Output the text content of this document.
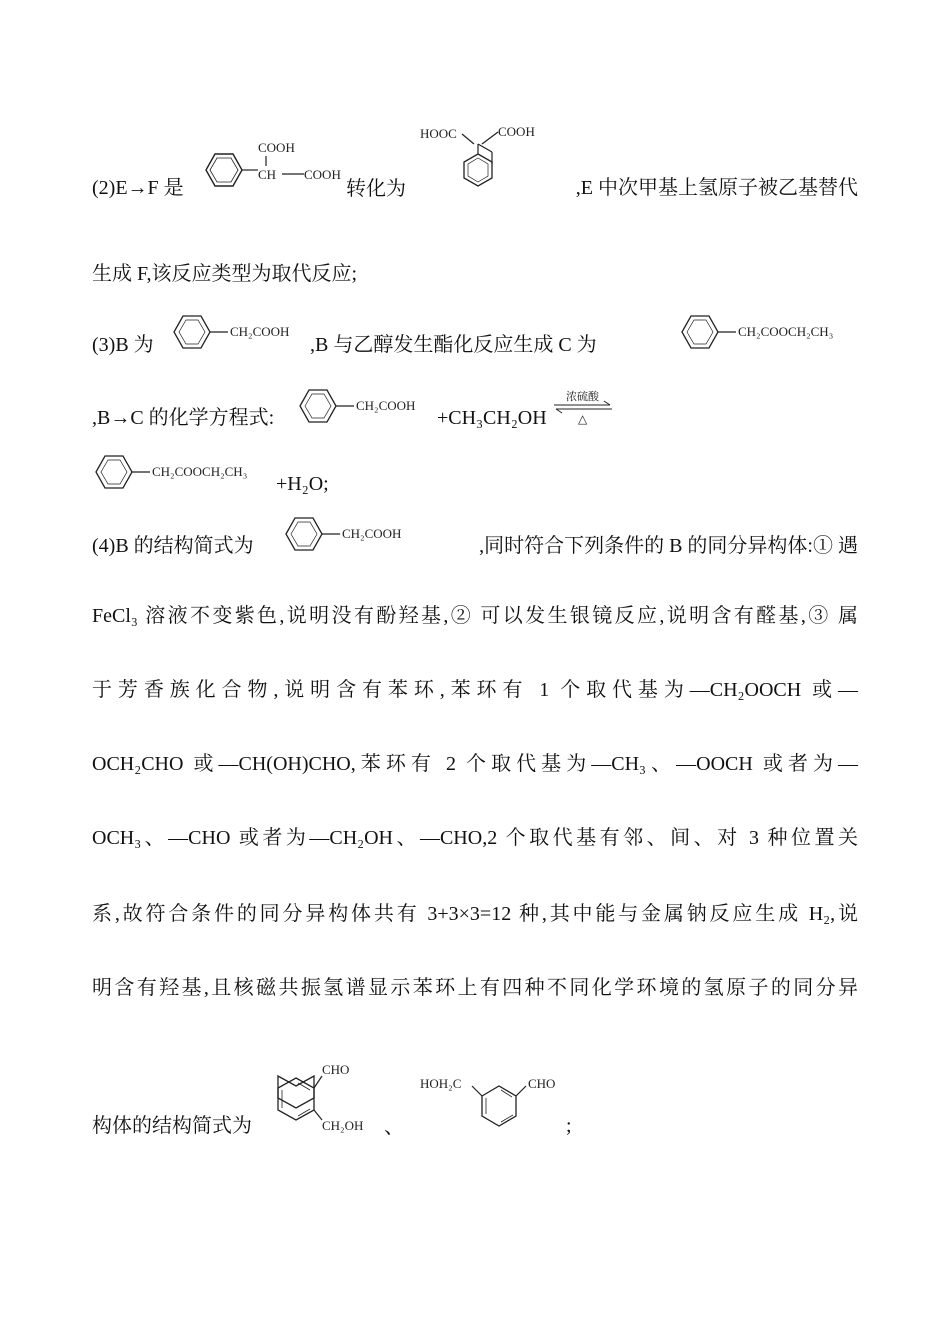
(2)E→F 是
COOH
CH COOH
转化为
HOOC	COOH
,E 中次甲基上氢原子被乙基替代
生成 F,该反应类型为取代反应;
(3)B 为
CH₂COOH
,B 与乙醇发生酯化反应生成 C 为
CH₂COOCH₂CH₃
,B→C 的化学方程式:
CH₂COOH
+CH₃CH₂OH
浓硫酸
△
CH₂COOCH₂CH₃
+H₂O;
(4)B 的结构简式为
CH₂COOH
,同时符合下列条件的 B 的同分异构体:① 遇
FeCl₃ 溶液不变紫色,说明没有酚羟基,② 可以发生银镜反应,说明含有醛基,③ 属
于芳香族化合物,说明含有苯环,苯环有 1 个取代基为—CH₂OOCH 或—
OCH₂CHO 或—CH(OH)CHO,苯环有 2 个取代基为—CH₃、—OOCH 或者为—
OCH₃、—CHO 或者为—CH₂OH、—CHO,2 个取代基有邻、间、对 3 种位置关
系,故符合条件的同分异构体共有 3+3×3=12 种,其中能与金属钠反应生成 H₂,说
明含有羟基,且核磁共振氢谱显示苯环上有四种不同化学环境的氢原子的同分异
构体的结构简式为
CHO
CH₂OH 、
HOH₂C	CHO
;
